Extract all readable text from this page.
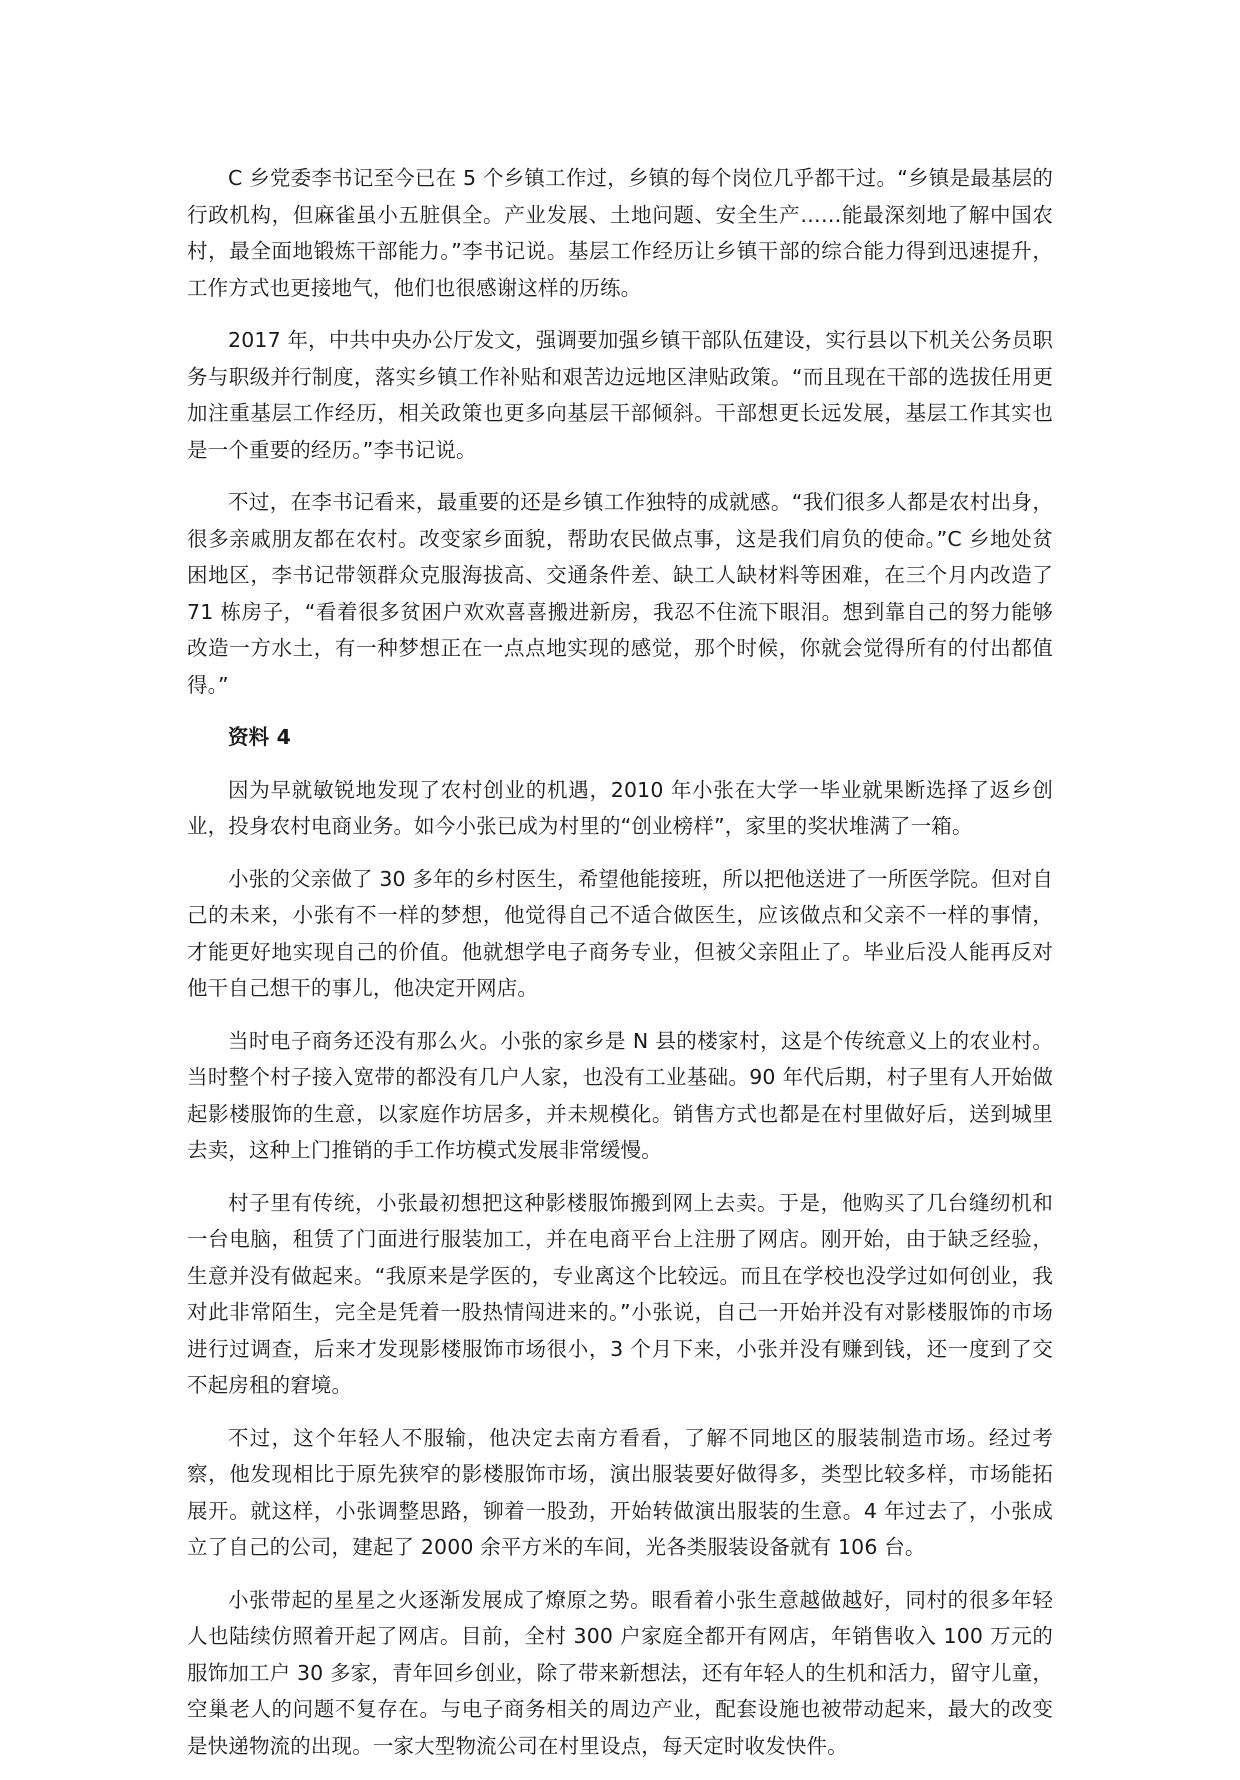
C 乡党委李书记至今已在 5 个乡镇工作过，乡镇的每个岗位几乎都干过。“乡镇是最基层的行政机构，但麻雀虽小五脏俱全。产业发展、土地问题、安全生产……能最深刻地了解中国农村，最全面地锻炼干部能力。”李书记说。基层工作经历让乡镇干部的综合能力得到迅速提升，工作方式也更接地气，他们也很感谢这样的历练。

2017 年，中共中央办公厅发文，强调要加强乡镇干部队伍建设，实行县以下机关公务员职务与职级并行制度，落实乡镇工作补贴和艰苦边远地区津贴政策。“而且现在干部的选拔任用更加注重基层工作经历，相关政策也更多向基层干部倾斜。干部想更长远发展，基层工作其实也是一个重要的经历。”李书记说。

不过，在李书记看来，最重要的还是乡镇工作独特的成就感。“我们很多人都是农村出身，很多亲戚朋友都在农村。改变家乡面貌，帮助农民做点事，这是我们肩负的使命。”C 乡地处贫困地区，李书记带领群众克服海拔高、交通条件差、缺工人缺材料等困难，在三个月内改造了 71 栋房子，“看着很多贫困户欢欢喜喜搬进新房，我忍不住流下眼泪。想到靠自己的努力能够改造一方水土，有一种梦想正在一点点地实现的感觉，那个时候，你就会觉得所有的付出都值得。”

资料 4

因为早就敏锐地发现了农村创业的机遇，2010 年小张在大学一毕业就果断选择了返乡创业，投身农村电商业务。如今小张已成为村里的“创业榜样”，家里的奖状堆满了一箱。

小张的父亲做了 30 多年的乡村医生，希望他能接班，所以把他送进了一所医学院。但对自己的未来，小张有不一样的梦想，他觉得自己不适合做医生，应该做点和父亲不一样的事情，才能更好地实现自己的价值。他就想学电子商务专业，但被父亲阻止了。毕业后没人能再反对他干自己想干的事儿，他决定开网店。

当时电子商务还没有那么火。小张的家乡是 N 县的楼家村，这是个传统意义上的农业村。当时整个村子接入宽带的都没有几户人家，也没有工业基础。90 年代后期，村子里有人开始做起影楼服饰的生意，以家庭作坊居多，并未规模化。销售方式也都是在村里做好后，送到城里去卖，这种上门推销的手工作坊模式发展非常缓慢。

村子里有传统，小张最初想把这种影楼服饰搬到网上去卖。于是，他购买了几台缝纫机和一台电脑，租赁了门面进行服装加工，并在电商平台上注册了网店。刚开始，由于缺乏经验，生意并没有做起来。“我原来是学医的，专业离这个比较远。而且在学校也没学过如何创业，我对此非常陌生，完全是凭着一股热情闯进来的。”小张说，自己一开始并没有对影楼服饰的市场进行过调查，后来才发现影楼服饰市场很小，3 个月下来，小张并没有赚到钱，还一度到了交不起房租的窘境。

不过，这个年轻人不服输，他决定去南方看看，了解不同地区的服装制造市场。经过考察，他发现相比于原先狭窄的影楼服饰市场，演出服装要好做得多，类型比较多样，市场能拓展开。就这样，小张调整思路，铆着一股劲，开始转做演出服装的生意。4 年过去了，小张成立了自己的公司，建起了 2000 余平方米的车间，光各类服装设备就有 106 台。

小张带起的星星之火逐渐发展成了燎原之势。眼看着小张生意越做越好，同村的很多年轻人也陆续仿照着开起了网店。目前，全村 300 户家庭全都开有网店，年销售收入 100 万元的服饰加工户 30 多家，青年回乡创业，除了带来新想法，还有年轻人的生机和活力，留守儿童，空巢老人的问题不复存在。与电子商务相关的周边产业，配套设施也被带动起来，最大的改变是快递物流的出现。一家大型物流公司在村里设点，每天定时收发快件。
